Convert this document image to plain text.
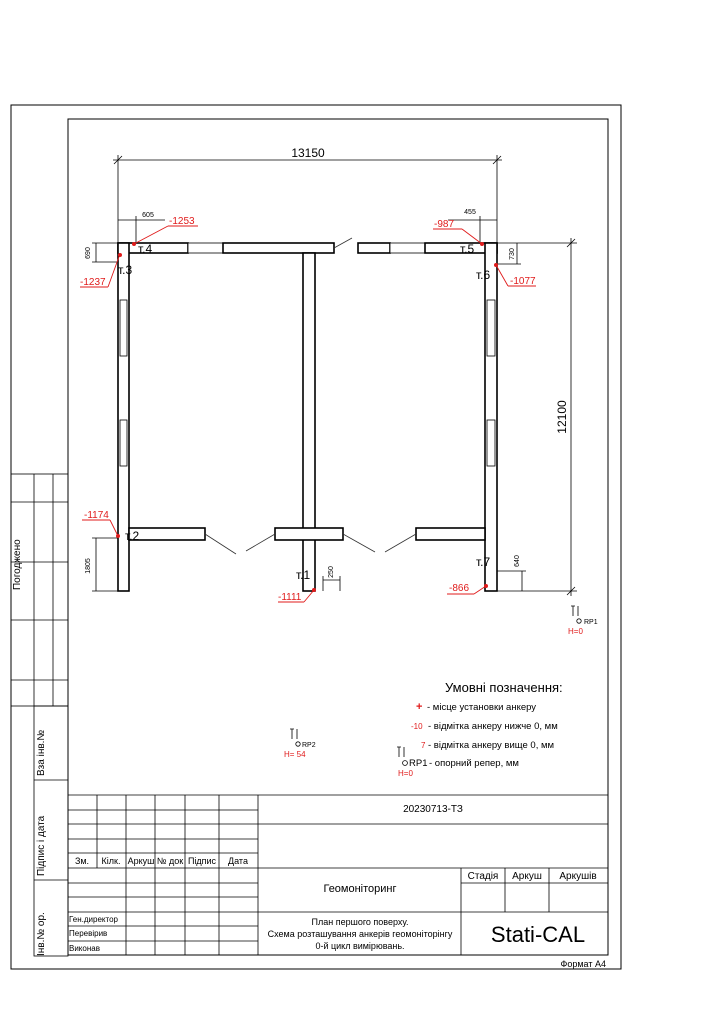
Погоджено
Вза інв.№
Підпис і дата
Інв.№ ор.
13150
12100
605	455
690	730
1805	640
250
т.4
т.3
т.2
т.1
т.5
т.6
т.7
-1253
-1237
-1174
-1111
-987
-1077
-866
RP1
H=0
RP2
H= 54
Умовні позначення:
+ - місце установки анкеру
-10 - відмітка анкеру нижче 0, мм
7 - відмітка анкеру вище 0, мм
RP1 - опорний репер, мм
H=0
20230713-ТЗ
Зм. Кілк. Аркуш № док Підпис Дата
Геомоніторинг
Стадія Аркуш Аркушів
Ген.директор
Перевірив
Виконав
План першого поверху.
Схема розташування анкерів геомоніторінгу
0-й цикл вимірювань.	Stati-CAL
Формат А4
